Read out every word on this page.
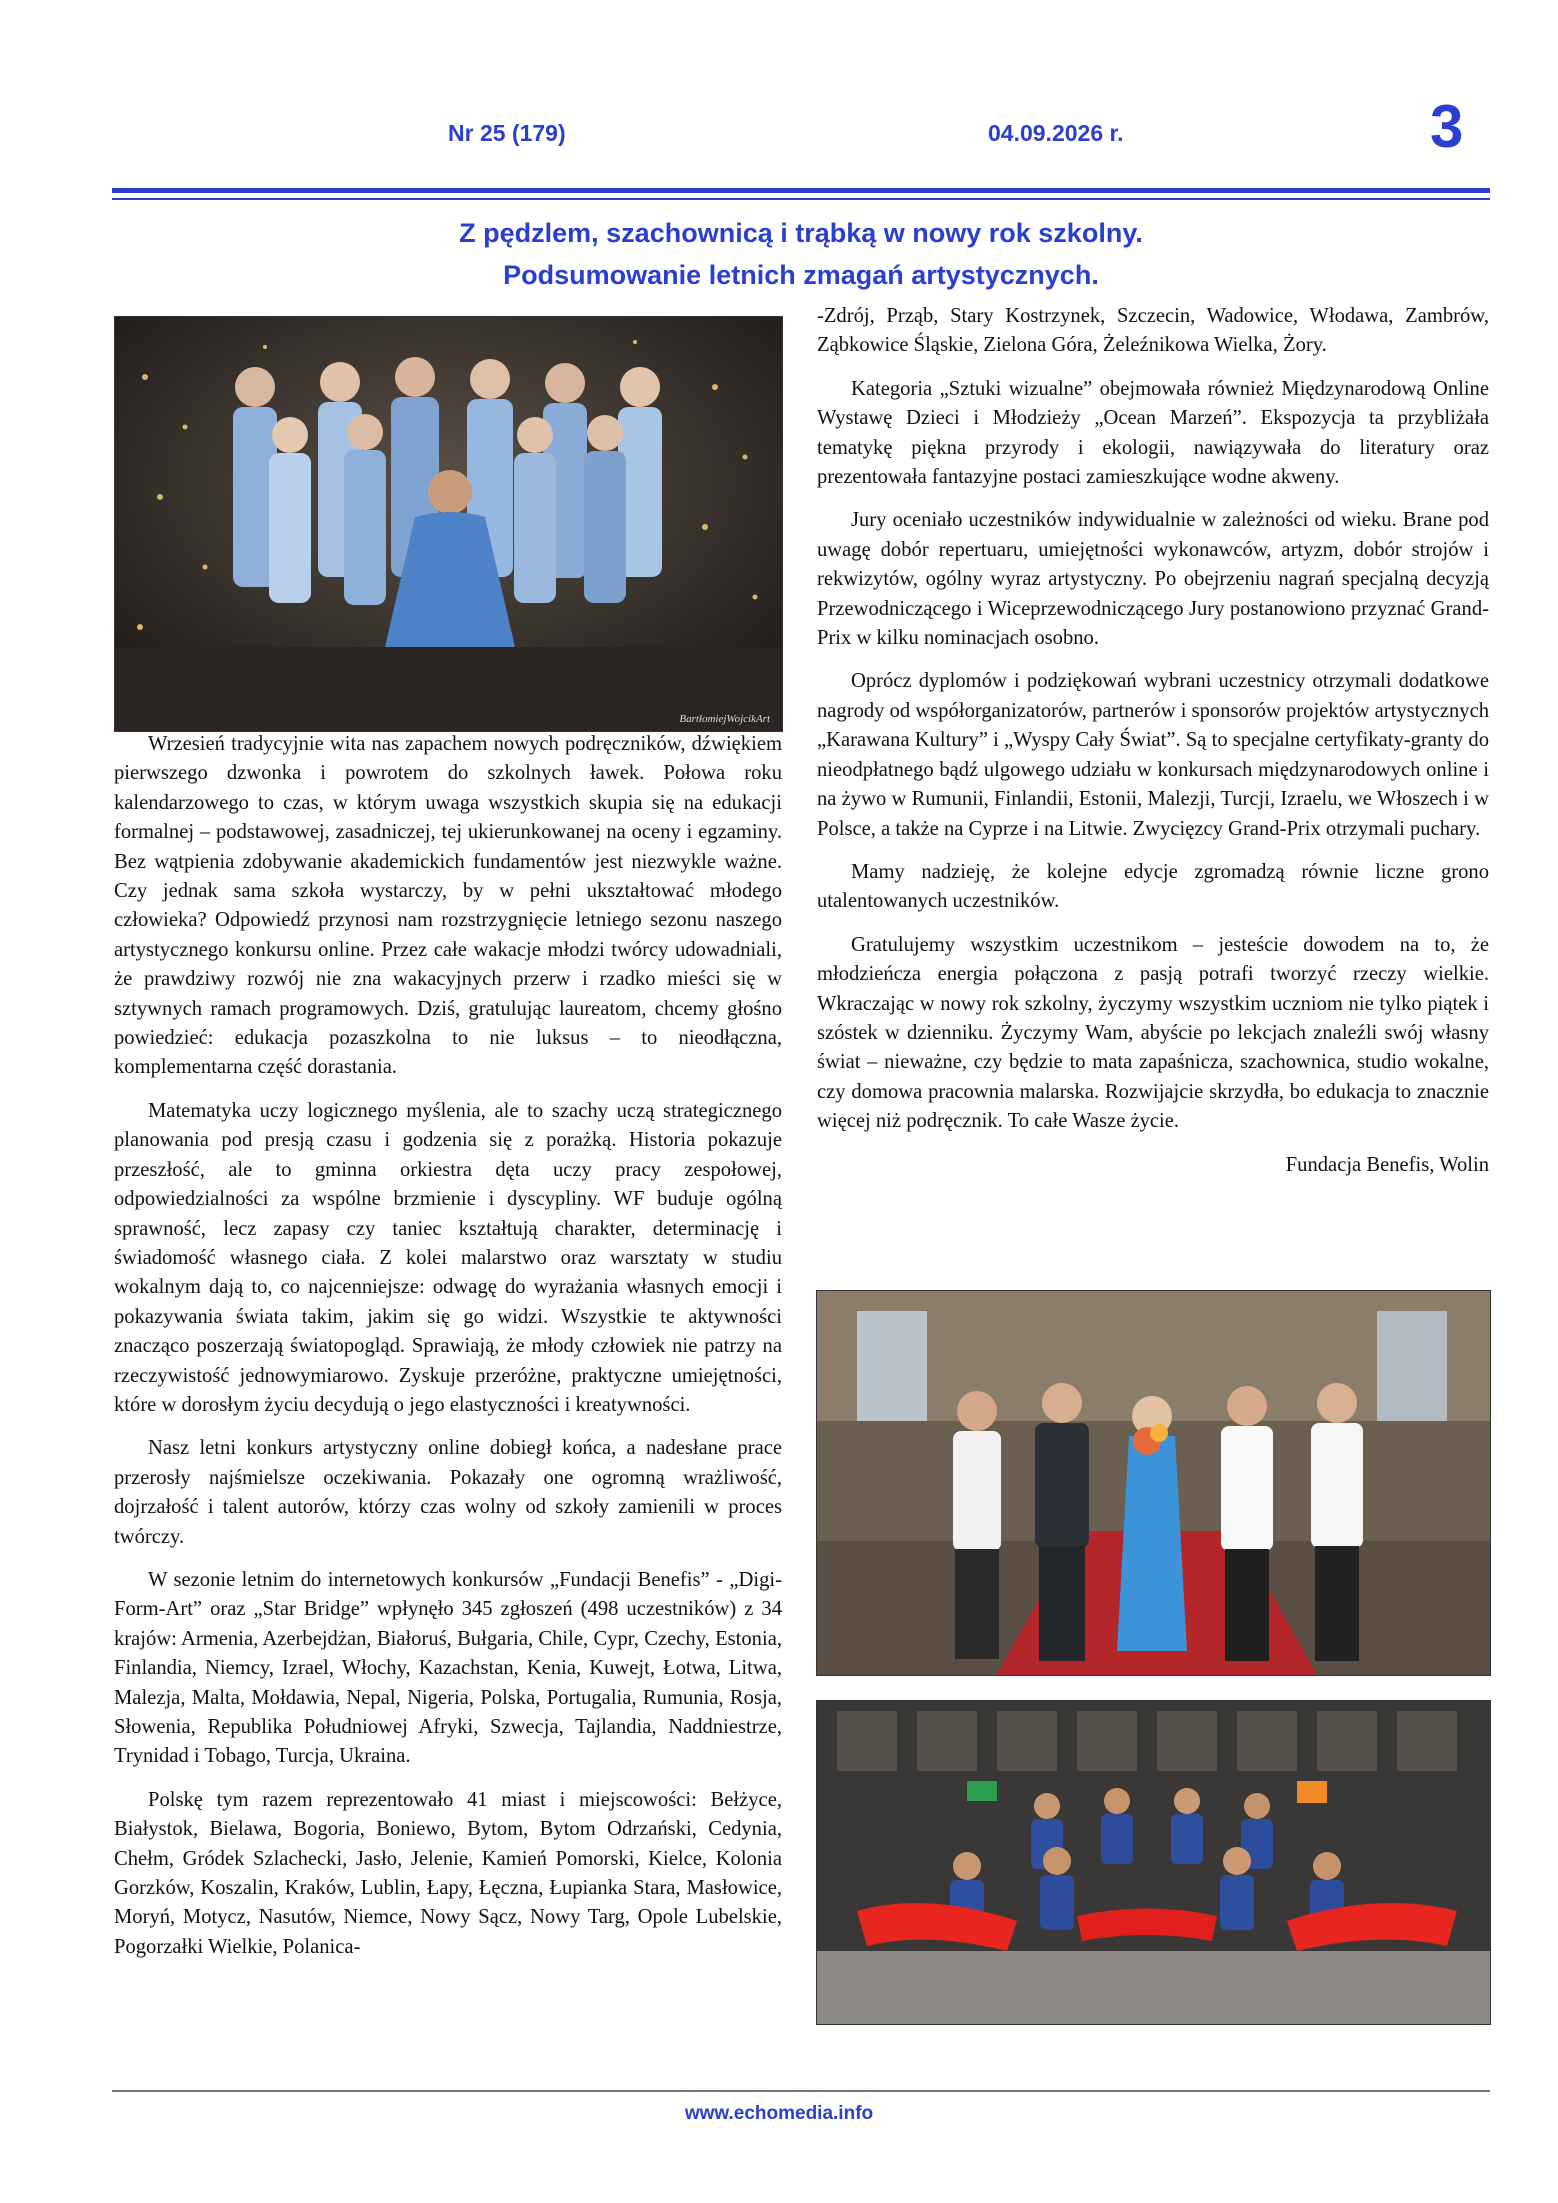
Nr 25 (179)	04.09.2026 r.	3
Z pędzlem, szachownicą i trąbką w nowy rok szkolny.
Podsumowanie letnich zmagań artystycznych.
BartłomiejWojcikArt

Wrzesień tradycyjnie wita nas zapachem nowych podręczników, dźwiękiem pierwszego dzwonka i powrotem do szkolnych ławek. Połowa roku kalendarzowego to czas, w którym uwaga wszystkich skupia się na edukacji formalnej – podstawowej, zasadniczej, tej ukierunkowanej na oceny i egzaminy. Bez wątpienia zdobywanie akademickich fundamentów jest niezwykle ważne. Czy jednak sama szkoła wystarczy, by w pełni ukształtować młodego człowieka? Odpowiedź przynosi nam rozstrzygnięcie letniego sezonu naszego artystycznego konkursu online. Przez całe wakacje młodzi twórcy udowadniali, że prawdziwy rozwój nie zna wakacyjnych przerw i rzadko mieści się w sztywnych ramach programowych. Dziś, gratulując laureatom, chcemy głośno powiedzieć: edukacja pozaszkolna to nie luksus – to nieodłączna, komplementarna część dorastania.

Matematyka uczy logicznego myślenia, ale to szachy uczą strategicznego planowania pod presją czasu i godzenia się z porażką. Historia pokazuje przeszłość, ale to gminna orkiestra dęta uczy pracy zespołowej, odpowiedzialności za wspólne brzmienie i dyscypliny. WF buduje ogólną sprawność, lecz zapasy czy taniec kształtują charakter, determinację i świadomość własnego ciała. Z kolei malarstwo oraz warsztaty w studiu wokalnym dają to, co najcenniejsze: odwagę do wyrażania własnych emocji i pokazywania świata takim, jakim się go widzi. Wszystkie te aktywności znacząco poszerzają światopogląd. Sprawiają, że młody człowiek nie patrzy na rzeczywistość jednowymiarowo. Zyskuje przeróżne, praktyczne umiejętności, które w dorosłym życiu decydują o jego elastyczności i kreatywności.

Nasz letni konkurs artystyczny online dobiegł końca, a nadesłane prace przerosły najśmielsze oczekiwania. Pokazały one ogromną wrażliwość, dojrzałość i talent autorów, którzy czas wolny od szkoły zamienili w proces twórczy.

W sezonie letnim do internetowych konkursów „Fundacji Benefis” - „Digi-Form-Art” oraz „Star Bridge” wpłynęło 345 zgłoszeń (498 uczestników) z 34 krajów: Armenia, Azerbejdżan, Białoruś, Bułgaria, Chile, Cypr, Czechy, Estonia, Finlandia, Niemcy, Izrael, Włochy, Kazachstan, Kenia, Kuwejt, Łotwa, Litwa, Malezja, Malta, Mołdawia, Nepal, Nigeria, Polska, Portugalia, Rumunia, Rosja, Słowenia, Republika Południowej Afryki, Szwecja, Tajlandia, Naddniestrze, Trynidad i Tobago, Turcja, Ukraina.

Polskę tym razem reprezentowało 41 miast i miejscowości: Bełżyce, Białystok, Bielawa, Bogoria, Boniewo, Bytom, Bytom Odrzański, Cedynia, Chełm, Gródek Szlachecki, Jasło, Jelenie, Kamień Pomorski, Kielce, Kolonia Gorzków, Koszalin, Kraków, Lublin, Łapy, Łęczna, Łupianka Stara, Masłowice, Moryń, Motycz, Nasutów, Niemce, Nowy Sącz, Nowy Targ, Opole Lubelskie, Pogorzałki Wielkie, Polanica-

-Zdrój, Prząb, Stary Kostrzynek, Szczecin, Wadowice, Włodawa, Zambrów, Ząbkowice Śląskie, Zielona Góra, Żeleźnikowa Wielka, Żory.

Kategoria „Sztuki wizualne” obejmowała również Międzynarodową Online Wystawę Dzieci i Młodzieży „Ocean Marzeń”. Ekspozycja ta przybliżała tematykę piękna przyrody i ekologii, nawiązywała do literatury oraz prezentowała fantazyjne postaci zamieszkujące wodne akweny.

Jury oceniało uczestników indywidualnie w zależności od wieku. Brane pod uwagę dobór repertuaru, umiejętności wykonawców, artyzm, dobór strojów i rekwizytów, ogólny wyraz artystyczny. Po obejrzeniu nagrań specjalną decyzją Przewodniczącego i Wiceprzewodniczącego Jury postanowiono przyznać Grand-Prix w kilku nominacjach osobno.

Oprócz dyplomów i podziękowań wybrani uczestnicy otrzymali dodatkowe nagrody od współorganizatorów, partnerów i sponsorów projektów artystycznych „Karawana Kultury” i „Wyspy Cały Świat”. Są to specjalne certyfikaty-granty do nieodpłatnego bądź ulgowego udziału w konkursach międzynarodowych online i na żywo w Rumunii, Finlandii, Estonii, Malezji, Turcji, Izraelu, we Włoszech i w Polsce, a także na Cyprze i na Litwie. Zwycięzcy Grand-Prix otrzymali puchary.

Mamy nadzieję, że kolejne edycje zgromadzą równie liczne grono utalentowanych uczestników.

Gratulujemy wszystkim uczestnikom – jesteście dowodem na to, że młodzieńcza energia połączona z pasją potrafi tworzyć rzeczy wielkie. Wkraczając w nowy rok szkolny, życzymy wszystkim uczniom nie tylko piątek i szóstek w dzienniku. Życzymy Wam, abyście po lekcjach znaleźli swój własny świat – nieważne, czy będzie to mata zapaśnicza, szachownica, studio wokalne, czy domowa pracownia malarska. Rozwijajcie skrzydła, bo edukacja to znacznie więcej niż podręcznik. To całe Wasze życie.

Fundacja Benefis, Wolin

www.echomedia.info
